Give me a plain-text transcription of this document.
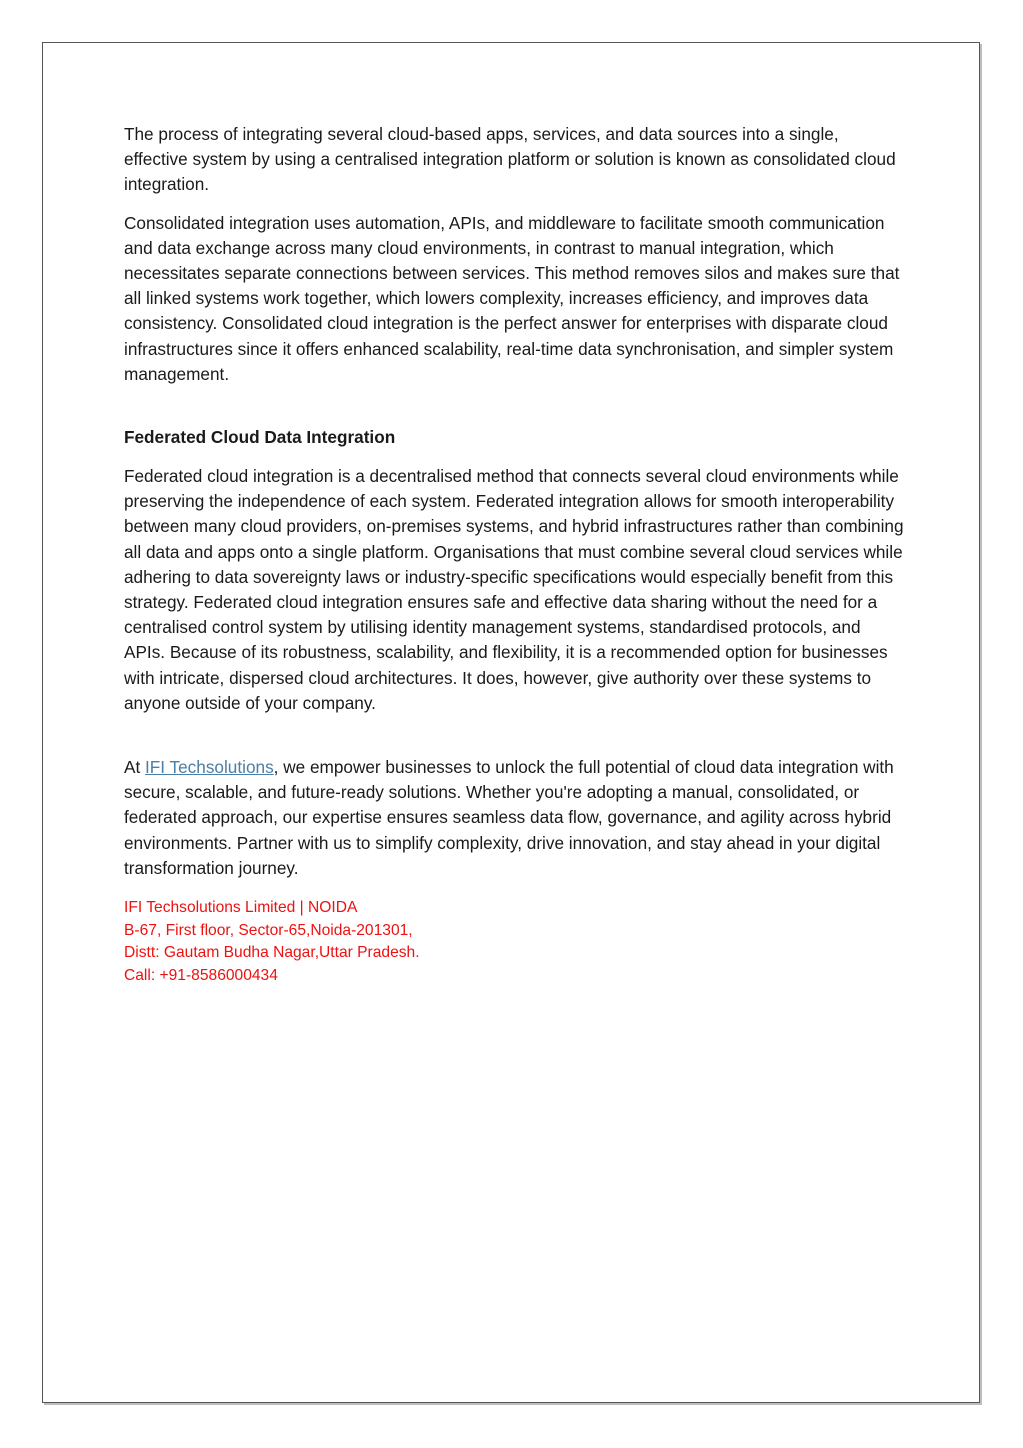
The process of integrating several cloud-based apps, services, and data sources into a single, effective system by using a centralised integration platform or solution is known as consolidated cloud integration.

Consolidated integration uses automation, APIs, and middleware to facilitate smooth communication and data exchange across many cloud environments, in contrast to manual integration, which necessitates separate connections between services. This method removes silos and makes sure that all linked systems work together, which lowers complexity, increases efficiency, and improves data consistency. Consolidated cloud integration is the perfect answer for enterprises with disparate cloud infrastructures since it offers enhanced scalability, real-time data synchronisation, and simpler system management.

Federated Cloud Data Integration

Federated cloud integration is a decentralised method that connects several cloud environments while preserving the independence of each system. Federated integration allows for smooth interoperability between many cloud providers, on-premises systems, and hybrid infrastructures rather than combining all data and apps onto a single platform. Organisations that must combine several cloud services while adhering to data sovereignty laws or industry-specific specifications would especially benefit from this strategy. Federated cloud integration ensures safe and effective data sharing without the need for a centralised control system by utilising identity management systems, standardised protocols, and APIs. Because of its robustness, scalability, and flexibility, it is a recommended option for businesses with intricate, dispersed cloud architectures. It does, however, give authority over these systems to anyone outside of your company.

At IFI Techsolutions, we empower businesses to unlock the full potential of cloud data integration with secure, scalable, and future-ready solutions. Whether you're adopting a manual, consolidated, or federated approach, our expertise ensures seamless data flow, governance, and agility across hybrid environments. Partner with us to simplify complexity, drive innovation, and stay ahead in your digital transformation journey.

IFI Techsolutions Limited | NOIDA
B-67, First floor, Sector-65,Noida-201301,
Distt: Gautam Budha Nagar,Uttar Pradesh.
Call: +91-8586000434
